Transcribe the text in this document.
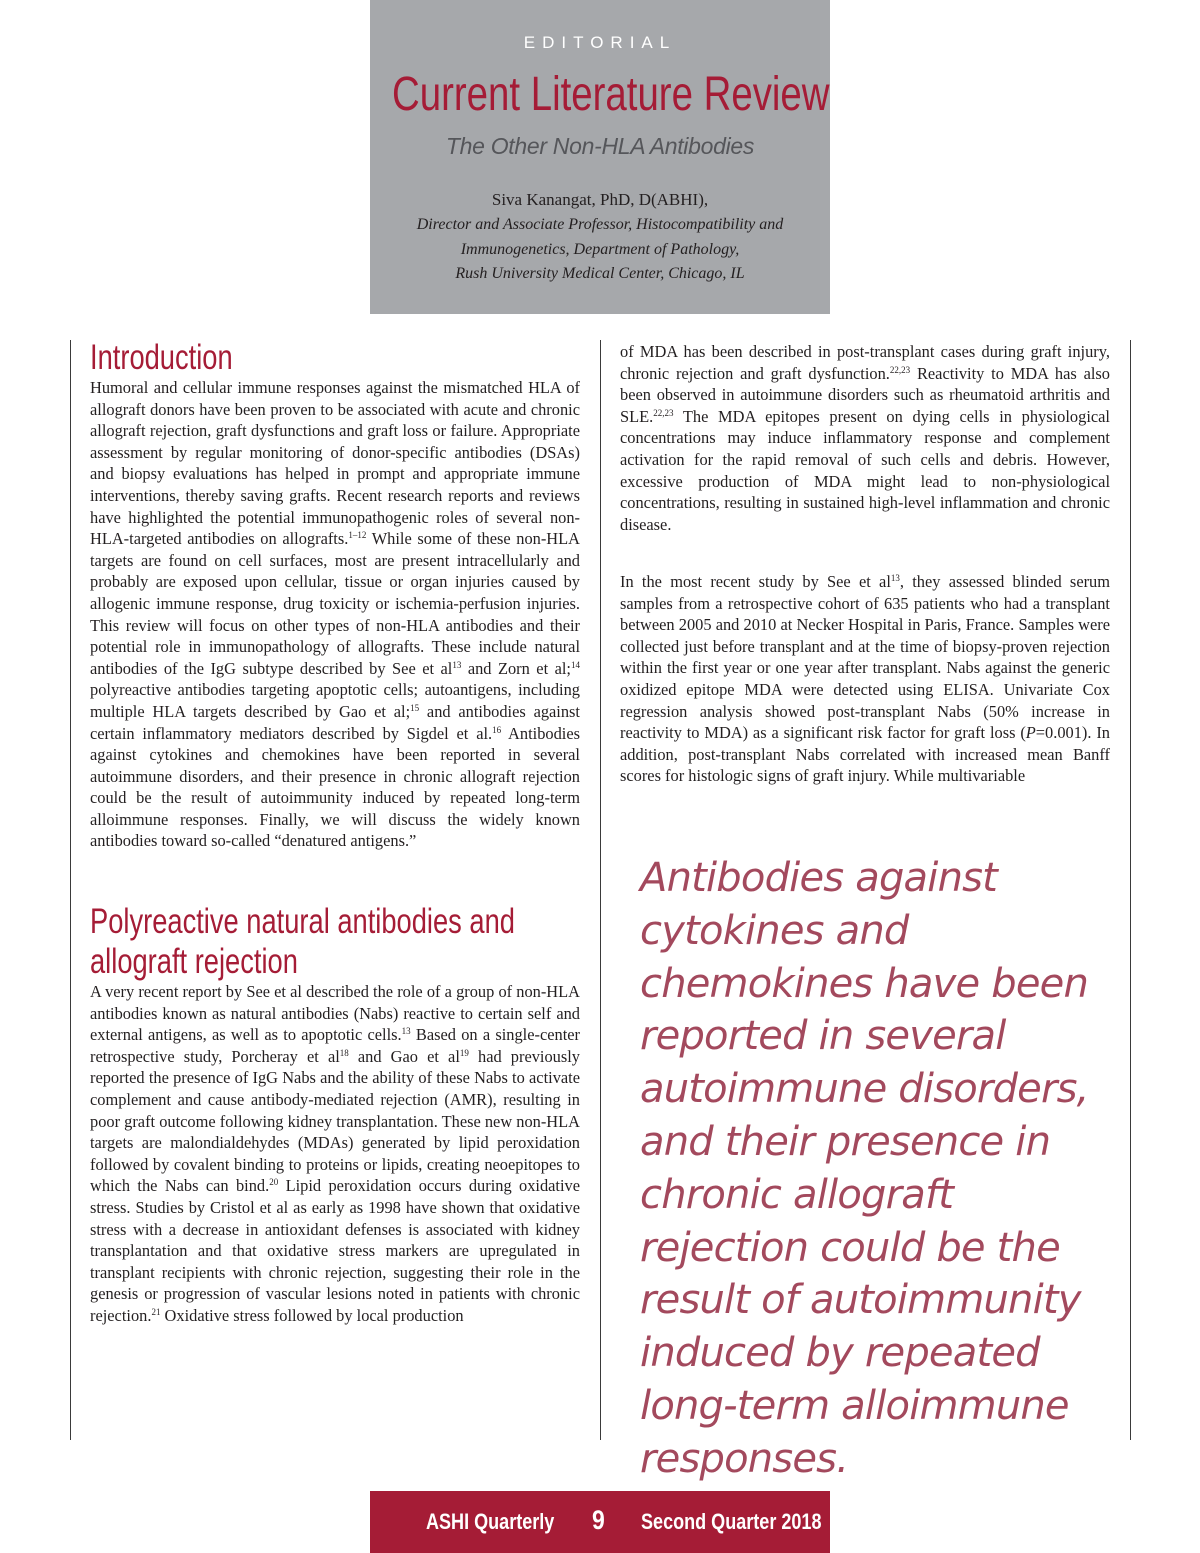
EDITORIAL
Current Literature Review
The Other Non-HLA Antibodies
Siva Kanangat, PhD, D(ABHI),
Director and Associate Professor, Histocompatibility and
Immunogenetics, Department of Pathology,
Rush University Medical Center, Chicago, IL
Introduction

Humoral and cellular immune responses against the mismatched HLA of allograft donors have been proven to be associated with acute and chronic allograft rejection, graft dysfunctions and graft loss or failure. Appropriate assessment by regular monitoring of donor-specific antibodies (DSAs) and biopsy evaluations has helped in prompt and appropriate immune interventions, thereby saving grafts. Recent research reports and reviews have highlighted the potential immunopathogenic roles of several non-HLA-targeted antibodies on allografts.$^{1-12}$ While some of these non-HLA targets are found on cell surfaces, most are present intracellularly and probably are exposed upon cellular, tissue or organ injuries caused by allogenic immune response, drug toxicity or ischemia-perfusion injuries. This review will focus on other types of non-HLA antibodies and their potential role in immunopathology of allografts. These include natural antibodies of the IgG subtype described by See et $al^{13}$ and Zorn et al;$^{14}$ polyreactive antibodies targeting apoptotic cells; autoantigens, including multiple HLA targets described by Gao et al;$^{15}$ and antibodies against certain inflammatory mediators described by Sigdel et al.$^{16}$ Antibodies against cytokines and chemokines have been reported in several autoimmune disorders, and their presence in chronic allograft rejection could be the result of autoimmunity induced by repeated long-term alloimmune responses. Finally, we will discuss the widely known antibodies toward so-called “denatured antigens.”

Polyreactive natural antibodies and
allograft rejection

A very recent report by See et al described the role of a group of non-HLA antibodies known as natural antibodies (Nabs) reactive to certain self and external antigens, as well as to apoptotic cells.$^{13}$ Based on a single-center retrospective study, Porcheray et $al^{18}$ and Gao et $al^{19}$ had previously reported the presence of IgG Nabs and the ability of these Nabs to activate complement and cause antibody-mediated rejection (AMR), resulting in poor graft outcome following kidney transplantation. These new non-HLA targets are malondialdehydes (MDAs) generated by lipid peroxidation followed by covalent binding to proteins or lipids, creating neoepitopes to which the Nabs can bind.$^{20}$ Lipid peroxidation occurs during oxidative stress. Studies by Cristol et al as early as 1998 have shown that oxidative stress with a decrease in antioxidant defenses is associated with kidney transplantation and that oxidative stress markers are upregulated in transplant recipients with chronic rejection, suggesting their role in the genesis or progression of vascular lesions noted in patients with chronic rejection.$^{21}$ Oxidative stress followed by local production

of MDA has been described in post-transplant cases during graft injury, chronic rejection and graft dysfunction.$^{22,23}$ Reactivity to MDA has also been observed in autoimmune disorders such as rheumatoid arthritis and SLE.$^{22,23}$ The MDA epitopes present on dying cells in physiological concentrations may induce inflammatory response and complement activation for the rapid removal of such cells and debris. However, excessive production of MDA might lead to non-physiological concentrations, resulting in sustained high-level inflammation and chronic disease.

In the most recent study by See et $al^{13}$, they assessed blinded serum samples from a retrospective cohort of 635 patients who had a transplant between 2005 and 2010 at Necker Hospital in Paris, France. Samples were collected just before transplant and at the time of biopsy-proven rejection within the first year or one year after transplant. Nabs against the generic oxidized epitope MDA were detected using ELISA. Univariate Cox regression analysis showed post-transplant Nabs (50% increase in reactivity to MDA) as a significant risk factor for graft loss (P=0.001). In addition, post-transplant Nabs correlated with increased mean Banff scores for histologic signs of graft injury. While multivariable

Antibodies against cytokines and chemokines have been reported in several autoimmune disorders, and their presence in chronic allograft rejection could be the result of autoimmunity induced by repeated long-term alloimmune responses.
ASHI Quarterly 9 Second Quarter 2018
